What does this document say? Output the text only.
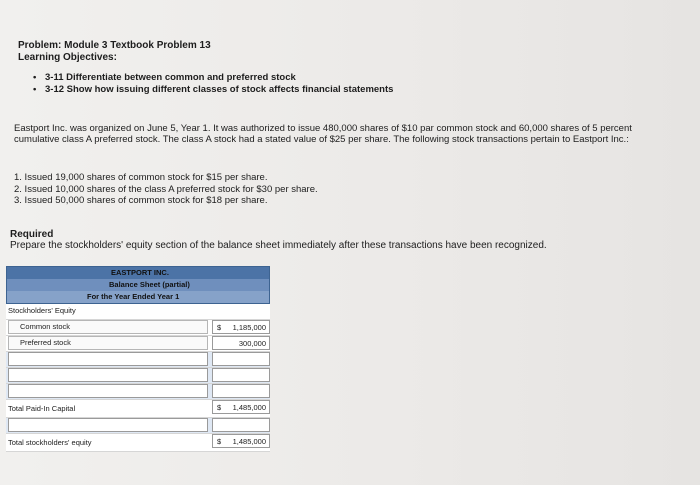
Problem: Module 3 Textbook Problem 13
Learning Objectives:
• 3-11 Differentiate between common and preferred stock
• 3-12 Show how issuing different classes of stock affects financial statements
Eastport Inc. was organized on June 5, Year 1. It was authorized to issue 480,000 shares of $10 par common stock and 60,000 shares of 5 percent cumulative class A preferred stock. The class A stock had a stated value of $25 per share. The following stock transactions pertain to Eastport Inc.:
1. Issued 19,000 shares of common stock for $15 per share.
2. Issued 10,000 shares of the class A preferred stock for $30 per share.
3. Issued 50,000 shares of common stock for $18 per share.
Required
Prepare the stockholders' equity section of the balance sheet immediately after these transactions have been recognized.
EASTPORT INC.
Balance Sheet (partial)
For the Year Ended Year 1
Stockholders' Equity
Common stock	$ 1,185,000
Preferred stock	300,000
Total Paid-In Capital	$ 1,485,000
Total stockholders' equity	$ 1,485,000
